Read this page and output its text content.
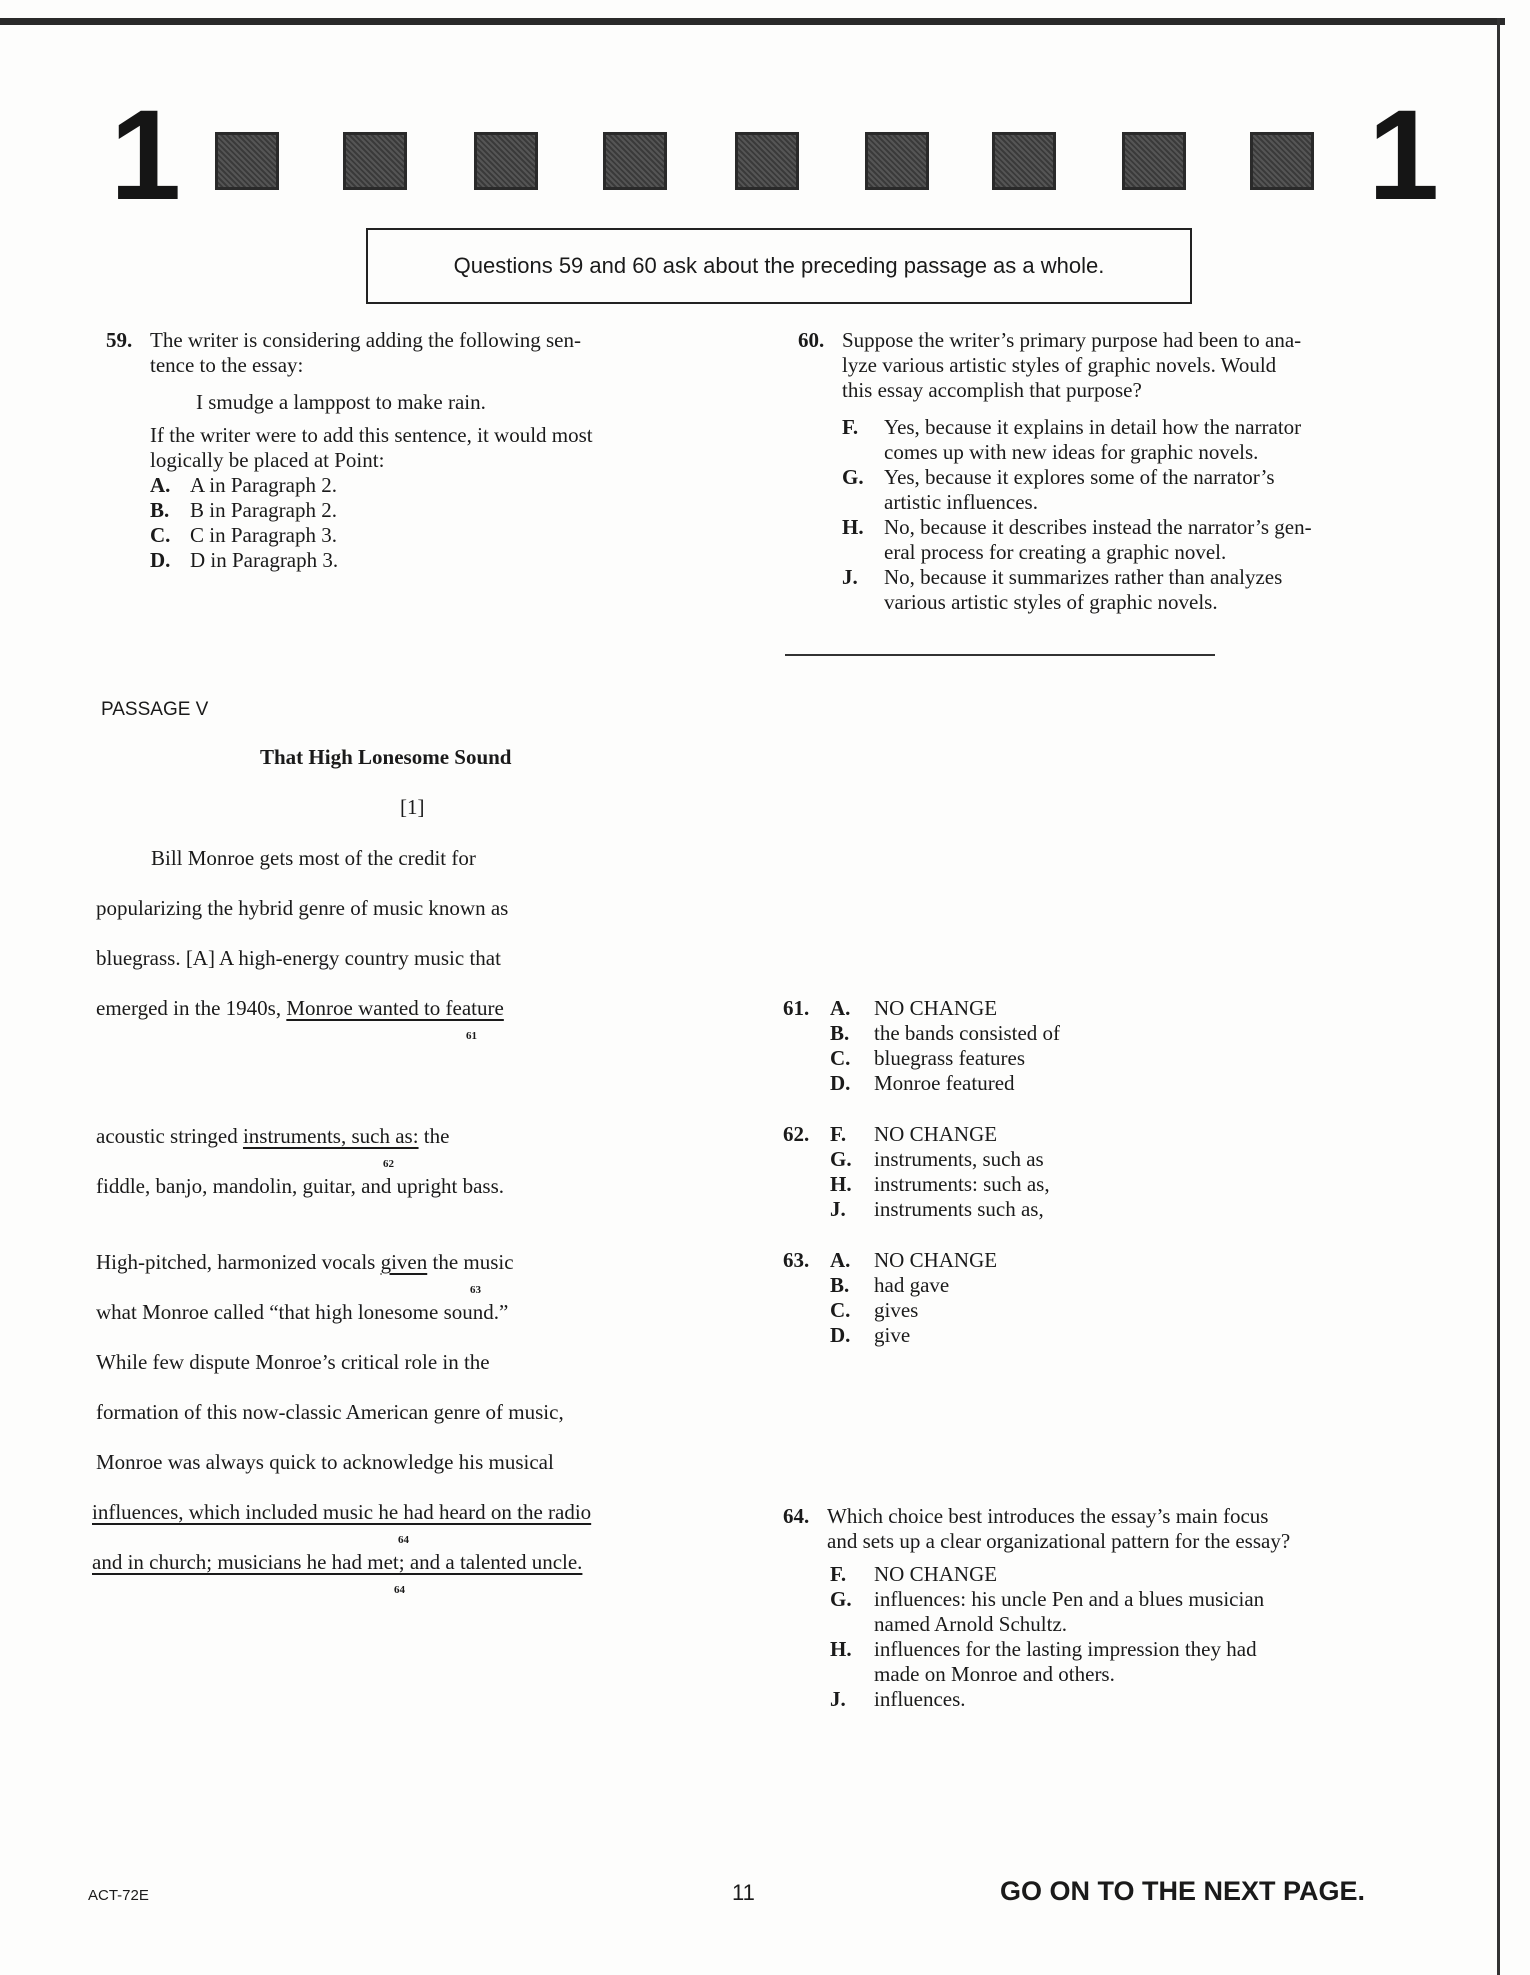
1	1
Questions 59 and 60 ask about the preceding passage as a whole.
59. The writer is considering adding the following sen-
tence to the essay:
I smudge a lamppost to make rain.
If the writer were to add this sentence, it would most
logically be placed at Point:
A. A in Paragraph 2.
B. B in Paragraph 2.
C. C in Paragraph 3.
D. D in Paragraph 3.
60. Suppose the writer’s primary purpose had been to ana-
lyze various artistic styles of graphic novels. Would
this essay accomplish that purpose?
F. Yes, because it explains in detail how the narrator
comes up with new ideas for graphic novels.
G. Yes, because it explores some of the narrator’s
artistic influences.
H. No, because it describes instead the narrator’s gen-
eral process for creating a graphic novel.
J. No, because it summarizes rather than analyzes
various artistic styles of graphic novels.
PASSAGE V
That High Lonesome Sound
[1]
Bill Monroe gets most of the credit for
popularizing the hybrid genre of music known as
bluegrass. [A] A high-energy country music that
emerged in the 1940s, Monroe wanted to feature
61
acoustic stringed instruments, such as: the
62
fiddle, banjo, mandolin, guitar, and upright bass.
High-pitched, harmonized vocals given the music
63
what Monroe called “that high lonesome sound.”
While few dispute Monroe’s critical role in the
formation of this now-classic American genre of music,
Monroe was always quick to acknowledge his musical
influences, which included music he had heard on the radio
64
and in church; musicians he had met; and a talented uncle.
64
61. A. NO CHANGE
B. the bands consisted of
C. bluegrass features
D. Monroe featured
62. F. NO CHANGE
G. instruments, such as
H. instruments: such as,
J. instruments such as,
63. A. NO CHANGE
B. had gave
C. gives
D. give
64. Which choice best introduces the essay’s main focus
and sets up a clear organizational pattern for the essay?
F. NO CHANGE
G. influences: his uncle Pen and a blues musician
named Arnold Schultz.
H. influences for the lasting impression they had
made on Monroe and others.
J. influences.
ACT-72E	11	GO ON TO THE NEXT PAGE.
